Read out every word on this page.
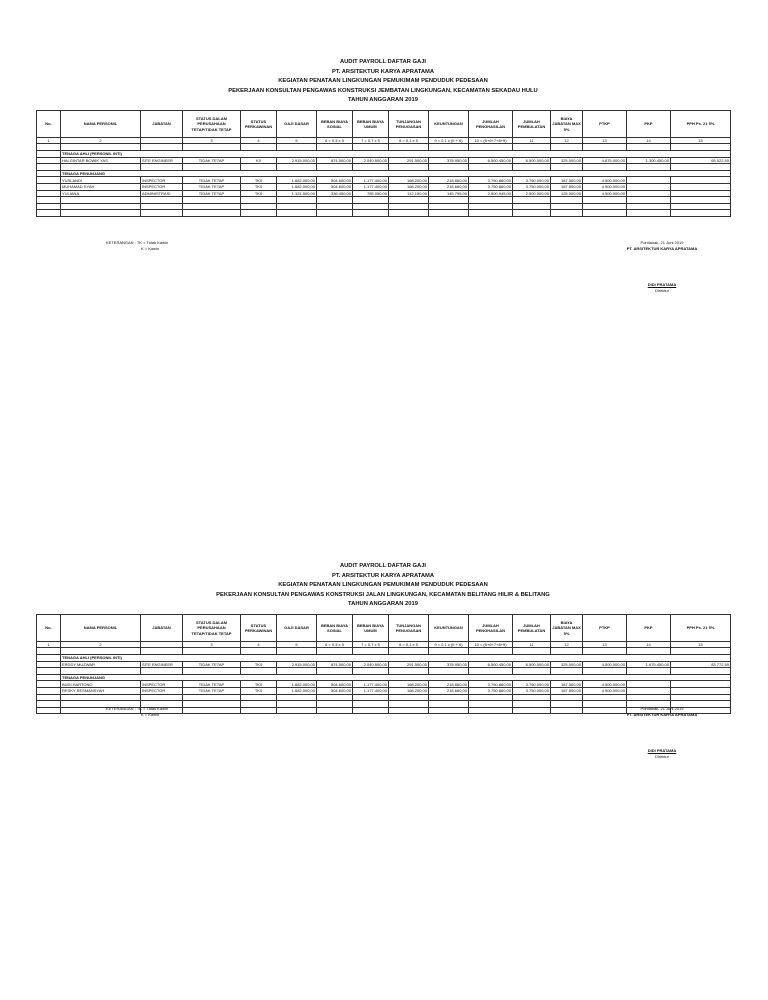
AUDIT PAYROLL DAFTAR GAJI
PT. ARSITEKTUR KARYA APRATAMA
KEGIATAN PENATAAN LINGKUNGAN PEMUKIMAM PENDUDUK PEDESAAN
PEKERJAAN KONSULTAN PENGAWAS KONSTRUKSI JEMBATAN LINGKUNGAN, KECAMATAN SEKADAU HULU
TAHUN ANGGARAN 2019
No.	NAMA PERSONIL	JABATAN	STATUS DALAM PERUSAHAAN TETAP/TIDAK TETAP	STATUS PERKAWINAN	GAJI DASAR	BEBAN BIAYA SOSIAL	BEBAN BIAYA UMUM	TUNJANGAN PENUGASAN	KEUNTUNGAN	JUMLAH PENGHASILAN	JUMLAH PEMBULATAN	BIAYA JABATAN MAX 5%	PTKP	PKP	PPH Ps. 21 5%
1	2		3	4	5	6 = 0,3 x 5	7 = 0,7 x 5	8 = 0,1 x 5	9 = 0,1 x (5 + 6)	10 = (5+6+7+8+9)	11	12	13	14	15

	TENAGA AHLI (PERSONIL INTI)														
	HALGINTAR BOWIK YAS	SITE ENGINEER	TIDAK TETAP	K0	2.915.000,00	874.500,00	2.040.500,00	291.500,00	378.950,00	6.500.450,00	6.500.000,00	325.000,00	4.875.000,00	1.300.450,00	65.022,50

	TENAGA PENUNJANG														
	YUSLANDI	INSPECTOR	TIDAK TETAP	TK0	1.682.000,00	504.600,00	1.177.400,00	168.200,00	218.660,00	3.750.860,00	3.750.000,00	187.500,00	4.500.000,00	-	-
	MUHAMAD SYAH	INSPECTOR	TIDAK TETAP	TK0	1.682.000,00	504.600,00	1.177.400,00	168.200,00	218.660,00	3.750.860,00	3.750.000,00	187.500,00	4.500.000,00	-	-
	YULIANA	ADMINISTRASI	TIDAK TETAP	TK0	1.121.500,00	336.450,00	785.050,00	112.150,00	145.795,00	2.500.945,00	2.500.000,00	125.000,00	4.500.000,00	-	-

KETERANGAN : TK = Tidak Kawin
K = Kawin
Pontianak, 21 Juni 2019
PT. ARSITEKTUR KARYA APRATAMA
DIDI PRATAMA
Direktur
AUDIT PAYROLL DAFTAR GAJI
PT. ARSITEKTUR KARYA APRATAMA
KEGIATAN PENATAAN LINGKUNGAN PEMUKIMAM PENDUDUK PEDESAAN
PEKERJAAN KONSULTAN PENGAWAS KONSTRUKSI JALAN LINGKUNGAN, KECAMATAN BELITANG HILIR & BELITANG
TAHUN ANGGARAN 2019
No.	NAMA PERSONIL	JABATAN	STATUS DALAM PERUSAHAAN TETAP/TIDAK TETAP	STATUS PERKAWINAN	GAJI DASAR	BEBAN BIAYA SOSIAL	BEBAN BIAYA UMUM	TUNJANGAN PENUGASAN	KEUNTUNGAN	JUMLAH PENGHASILAN	JUMLAH PEMBULATAN	BIAYA JABATAN MAX 5%	PTKP	PKP	PPH Ps. 21 5%
1	2		3	4	5	6 = 0,3 x 5	7 = 0,7 x 5	8 = 0,1 x 5	9 = 0,1 x (5 + 6)	10 = (5+6+7+8+9)	11	12	13	14	15

	TENAGA AHLI (PERSONIL INTI)														
	ERDDY MUZWAR	SITE ENGINEER	TIDAK TETAP	TK0	2.915.000,00	874.500,00	2.040.500,00	291.500,00	378.950,00	6.500.450,00	6.500.000,00	325.000,00	4.500.000,00	1.675.450,00	83.772,50

	TENAGA PENUNJANG														
	BUDI HARTONO	INSPECTOR	TIDAK TETAP	TK0	1.682.000,00	504.600,00	1.177.400,00	168.200,00	218.660,00	3.750.860,00	3.750.000,00	187.500,00	4.500.000,00	-	-
	RESKY RESMANSYAH	INSPECTOR	TIDAK TETAP	TK0	1.682.000,00	504.600,00	1.177.400,00	168.200,00	218.660,00	3.750.860,00	3.750.000,00	187.500,00	4.500.000,00	-	-

KETERANGAN : TK = Tidak Kawin
K = Kawin
Pontianak, 21 Juni 2019
PT. ARSITEKTUR KARYA APRATAMA
DIDI PRATAMA
Direktur
